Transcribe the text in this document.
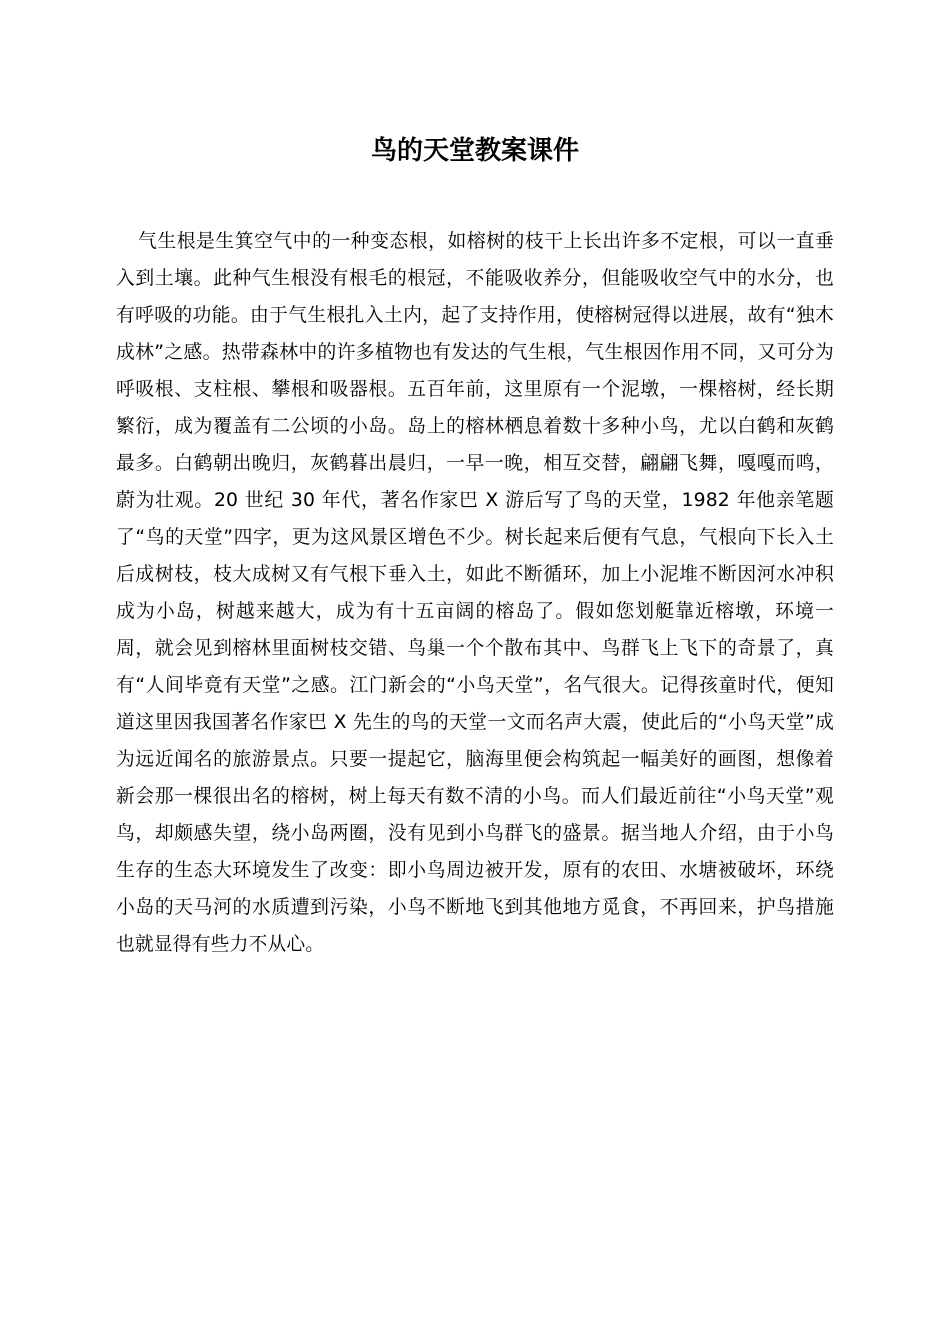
鸟的天堂教案课件

气生根是生箕空气中的一种变态根，如榕树的枝干上长出许多不定根，可以一直垂入到土壤。此种气生根没有根毛的根冠，不能吸收养分，但能吸收空气中的水分，也有呼吸的功能。由于气生根扎入土内，起了支持作用，使榕树冠得以进展，故有“独木成林”之感。热带森林中的许多植物也有发达的气生根，气生根因作用不同，又可分为呼吸根、支柱根、攀根和吸器根。五百年前，这里原有一个泥墩，一棵榕树，经长期繁衍，成为覆盖有二公顷的小岛。岛上的榕林栖息着数十多种小鸟，尤以白鹤和灰鹤最多。白鹤朝出晚归，灰鹤暮出晨归，一早一晚，相互交替，翩翩飞舞，嘎嘎而鸣，蔚为壮观。20 世纪 30 年代，著名作家巴 X 游后写了鸟的天堂，1982 年他亲笔题了“鸟的天堂”四字，更为这风景区增色不少。树长起来后便有气息，气根向下长入土后成树枝，枝大成树又有气根下垂入土，如此不断循环，加上小泥堆不断因河水冲积成为小岛，树越来越大，成为有十五亩阔的榕岛了。假如您划艇靠近榕墩，环境一周，就会见到榕林里面树枝交错、鸟巢一个个散布其中、鸟群飞上飞下的奇景了，真有“人间毕竟有天堂”之感。江门新会的“小鸟天堂”，名气很大。记得孩童时代，便知道这里因我国著名作家巴 X 先生的鸟的天堂一文而名声大震，使此后的“小鸟天堂”成为远近闻名的旅游景点。只要一提起它，脑海里便会构筑起一幅美好的画图，想像着新会那一棵很出名的榕树，树上每天有数不清的小鸟。而人们最近前往“小鸟天堂”观鸟，却颇感失望，绕小岛两圈，没有见到小鸟群飞的盛景。据当地人介绍，由于小鸟生存的生态大环境发生了改变：即小鸟周边被开发，原有的农田、水塘被破坏，环绕小岛的天马河的水质遭到污染，小鸟不断地飞到其他地方觅食，不再回来，护鸟措施也就显得有些力不从心。
